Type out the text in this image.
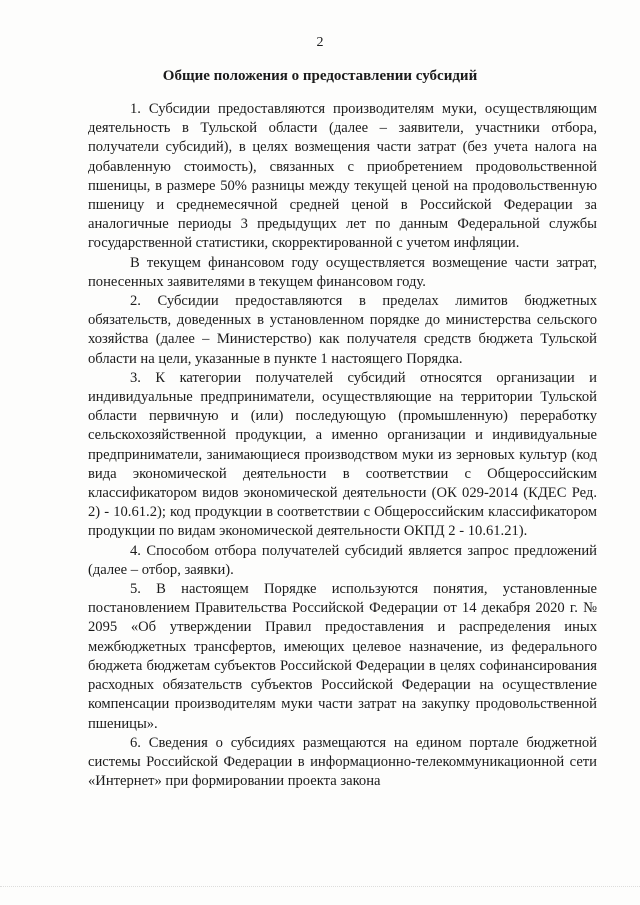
2
Общие положения о предоставлении субсидий

1. Субсидии предоставляются производителям муки, осуществляющим деятельность в Тульской области (далее – заявители, участники отбора, получатели субсидий), в целях возмещения части затрат (без учета налога на добавленную стоимость), связанных с приобретением продовольственной пшеницы, в размере 50% разницы между текущей ценой на продовольственную пшеницу и среднемесячной средней ценой в Российской Федерации за аналогичные периоды 3 предыдущих лет по данным Федеральной службы государственной статистики, скорректированной с учетом инфляции.

В текущем финансовом году осуществляется возмещение части затрат, понесенных заявителями в текущем финансовом году.

2. Субсидии предоставляются в пределах лимитов бюджетных обязательств, доведенных в установленном порядке до министерства сельского хозяйства (далее – Министерство) как получателя средств бюджета Тульской области на цели, указанные в пункте 1 настоящего Порядка.

3. К категории получателей субсидий относятся организации и индивидуальные предприниматели, осуществляющие на территории Тульской области первичную и (или) последующую (промышленную) переработку сельскохозяйственной продукции, а именно организации и индивидуальные предприниматели, занимающиеся производством муки из зерновых культур (код вида экономической деятельности в соответствии с Общероссийским классификатором видов экономической деятельности (ОК 029-2014 (КДЕС Ред. 2) - 10.61.2); код продукции в соответствии с Общероссийским классификатором продукции по видам экономической деятельности ОКПД 2 - 10.61.21).

4. Способом отбора получателей субсидий является запрос предложений (далее – отбор, заявки).

5. В настоящем Порядке используются понятия, установленные постановлением Правительства Российской Федерации от 14 декабря 2020 г. № 2095 «Об утверждении Правил предоставления и распределения иных межбюджетных трансфертов, имеющих целевое назначение, из федерального бюджета бюджетам субъектов Российской Федерации в целях софинансирования расходных обязательств субъектов Российской Федерации на осуществление компенсации производителям муки части затрат на закупку продовольственной пшеницы».

6. Сведения о субсидиях размещаются на едином портале бюджетной системы Российской Федерации в информационно-телекоммуникационной сети «Интернет» при формировании проекта закона
